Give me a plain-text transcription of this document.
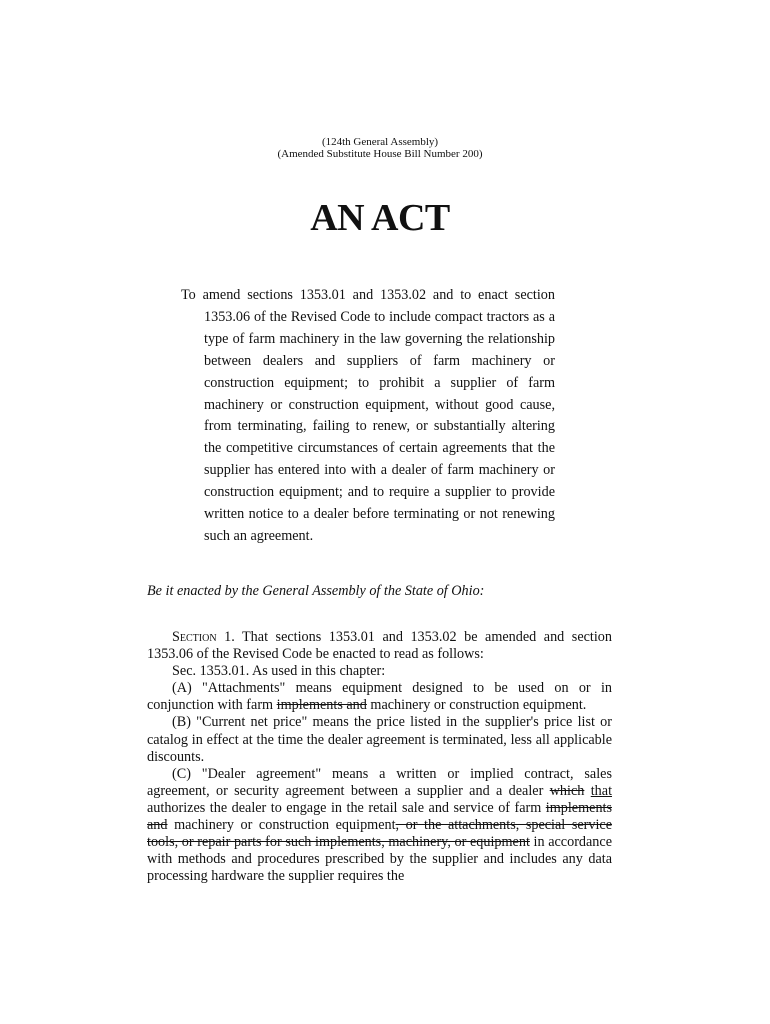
(124th General Assembly)
(Amended Substitute House Bill Number 200)
AN ACT
To amend sections 1353.01 and 1353.02 and to enact section 1353.06 of the Revised Code to include compact tractors as a type of farm machinery in the law governing the relationship between dealers and suppliers of farm machinery or construction equipment; to prohibit a supplier of farm machinery or construction equipment, without good cause, from terminating, failing to renew, or substantially altering the competitive circumstances of certain agreements that the supplier has entered into with a dealer of farm machinery or construction equipment; and to require a supplier to provide written notice to a dealer before terminating or not renewing such an agreement.
Be it enacted by the General Assembly of the State of Ohio:

Section 1. That sections 1353.01 and 1353.02 be amended and section 1353.06 of the Revised Code be enacted to read as follows:

Sec. 1353.01. As used in this chapter:

(A) "Attachments" means equipment designed to be used on or in conjunction with farm implements and machinery or construction equipment.

(B) "Current net price" means the price listed in the supplier's price list or catalog in effect at the time the dealer agreement is terminated, less all applicable discounts.

(C) "Dealer agreement" means a written or implied contract, sales agreement, or security agreement between a supplier and a dealer which that authorizes the dealer to engage in the retail sale and service of farm implements and machinery or construction equipment, or the attachments, special service tools, or repair parts for such implements, machinery, or equipment in accordance with methods and procedures prescribed by the supplier and includes any data processing hardware the supplier requires the
